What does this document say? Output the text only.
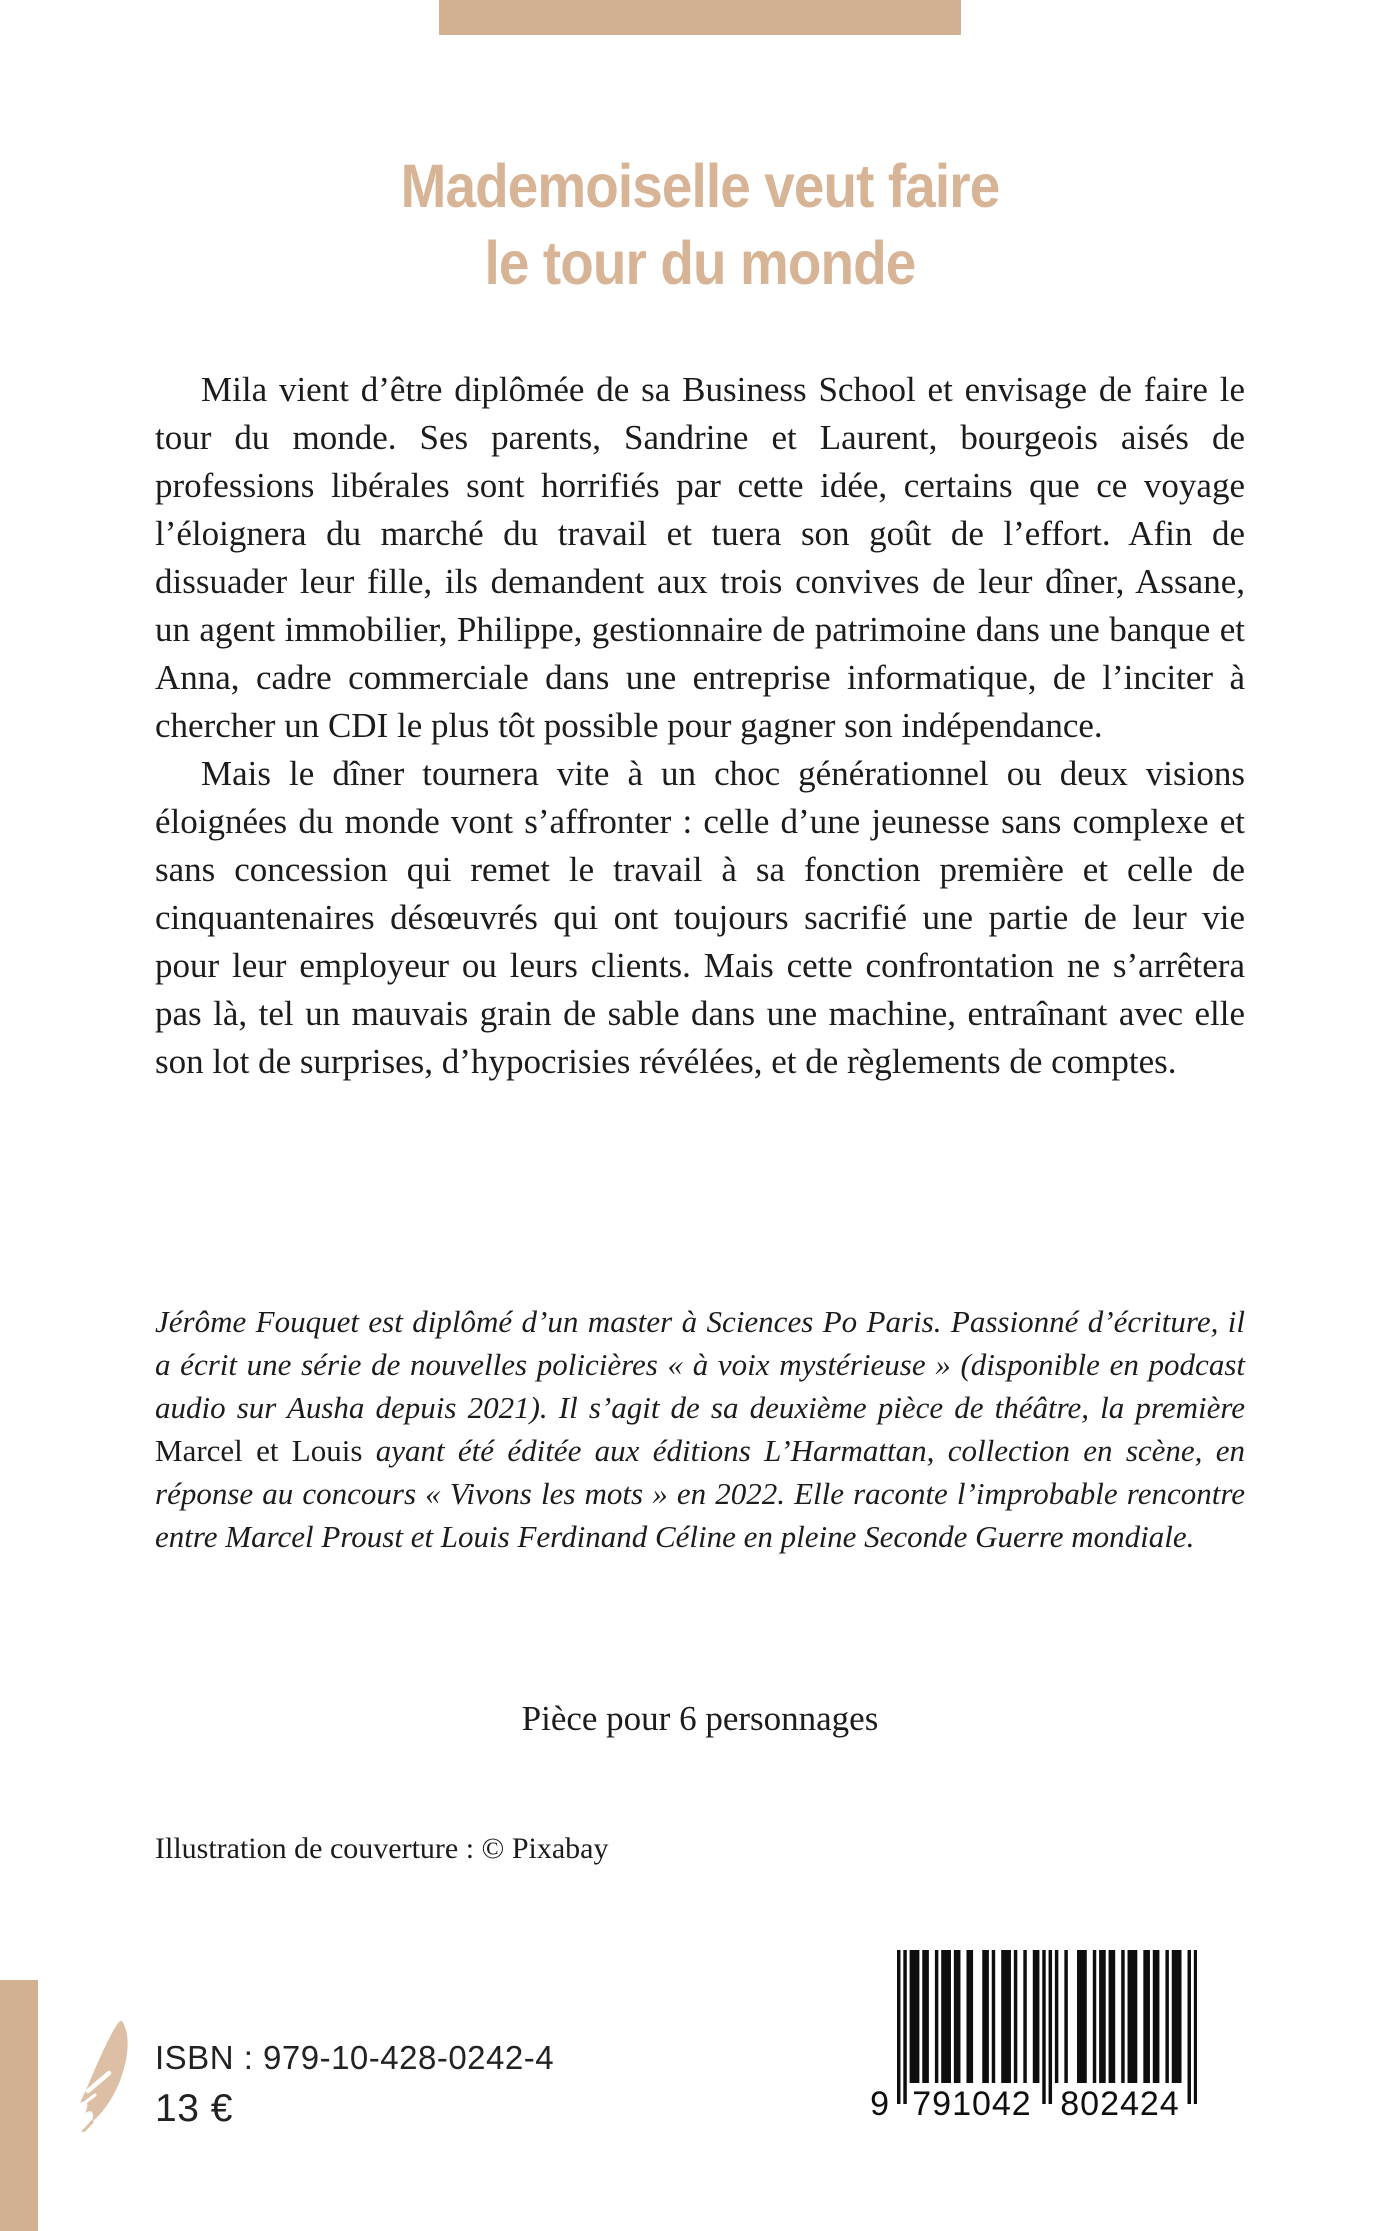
Mademoiselle veut faire
le tour du monde

Mila vient d’être diplômée de sa Business School et envisage de faire le tour du monde. Ses parents, Sandrine et Laurent, bourgeois aisés de professions libérales sont horrifiés par cette idée, certains que ce voyage l’éloignera du marché du travail et tuera son goût de l’effort. Afin de dissuader leur fille, ils demandent aux trois convives de leur dîner, Assane, un agent immobilier, Philippe, gestionnaire de patrimoine dans une banque et Anna, cadre commerciale dans une entreprise informatique, de l’inciter à chercher un CDI le plus tôt possible pour gagner son indépendance.

Mais le dîner tournera vite à un choc générationnel ou deux visions éloignées du monde vont s’affronter : celle d’une jeunesse sans complexe et sans concession qui remet le travail à sa fonction première et celle de cinquantenaires désœuvrés qui ont toujours sacrifié une partie de leur vie pour leur employeur ou leurs clients. Mais cette confrontation ne s’arrêtera pas là, tel un mauvais grain de sable dans une machine, entraînant avec elle son lot de surprises, d’hypocrisies révélées, et de règlements de comptes.

Jérôme Fouquet est diplômé d’un master à Sciences Po Paris. Passionné d’écriture, il a écrit une série de nouvelles policières « à voix mystérieuse » (disponible en podcast audio sur Ausha depuis 2021). Il s’agit de sa deuxième pièce de théâtre, la première Marcel et Louis ayant été éditée aux éditions L’Harmattan, collection en scène, en réponse au concours « Vivons les mots » en 2022. Elle raconte l’improbable rencontre entre Marcel Proust et Louis Ferdinand Céline en pleine Seconde Guerre mondiale.
Pièce pour 6 personnages
Illustration de couverture : © Pixabay
ISBN : 979-10-428-0242-4
13 €	9 791042 802424
